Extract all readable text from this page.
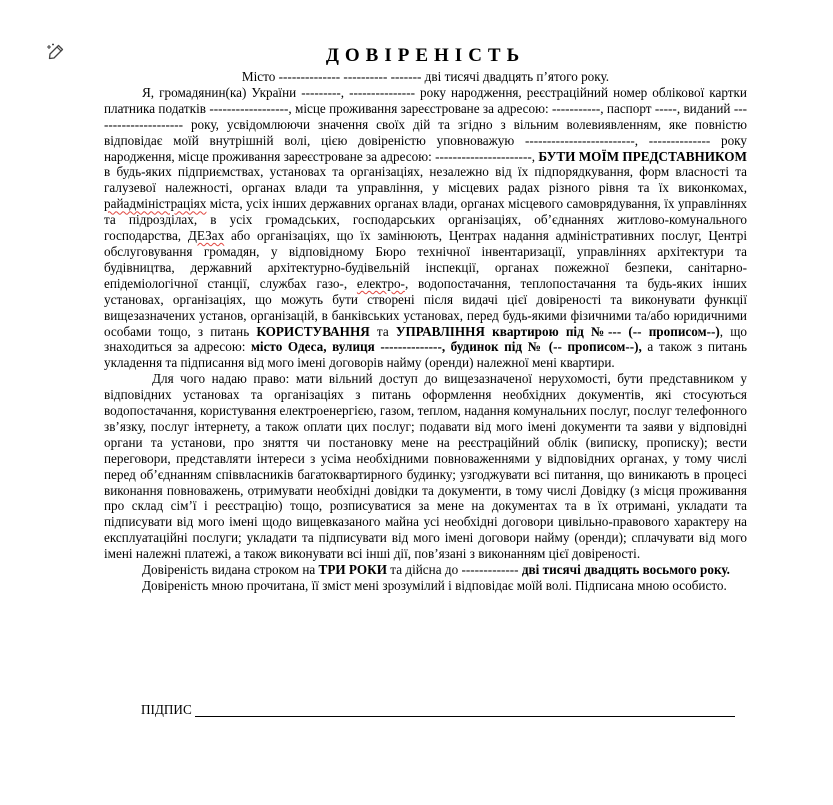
ДОВІРЕНІСТЬ

Місто -------------- ---------- ------- дві тисячі двадцять п’ятого року.

Я, громадянин(ка) України ---------, --------------- року народження, реєстраційний номер облікової картки платника податків ------------------, місце проживання зареєстроване за адресою: -----------, паспорт -----, виданий --------------------- року, усвідомлюючи значення своїх дій та згідно з вільним волевиявленням, яке повністю відповідає моїй внутрішній волі, цією довіреністю уповноважую -------------------------, -------------- року народження, місце проживання зареєстроване за адресою: ----------------------, БУТИ МОЇМ ПРЕДСТАВНИКОМ в будь-яких підприємствах, установах та організаціях, незалежно від їх підпорядкування, форм власності та галузевої належності, органах влади та управління, у місцевих радах різного рівня та їх виконкомах, райадміністраціях міста, усіх інших державних органах влади, органах місцевого самоврядування, їх управліннях та підрозділах, в усіх громадських, господарських організаціях, об’єднаннях житлово-комунального господарства, ДЕЗах або організаціях, що їх замінюють, Центрах надання адміністративних послуг, Центрі обслуговування громадян, у відповідному Бюро технічної інвентаризації, управліннях архітектури та будівництва, державний архітектурно-будівельній інспекції, органах пожежної безпеки, санітарно-епідеміологічної станції, службах газо-, електро-, водопостачання, теплопостачання та будь-яких інших установах, організаціях, що можуть бути створені після видачі цієї довіреності та виконувати функції вищезазначених установ, організацій, в банківських установах, перед будь-якими фізичними та/або юридичними особами тощо, з питань КОРИСТУВАННЯ та УПРАВЛІННЯ квартирою під №--- (-- прописом--), що знаходиться за адресою: місто Одеса, вулиця --------------, будинок під № (-- прописом--), а також з питань укладення та підписання від мого імені договорів найму (оренди) належної мені квартири.

Для чого надаю право: мати вільний доступ до вищезазначеної нерухомості, бути представником у відповідних установах та організаціях з питань оформлення необхідних документів, які стосуються водопостачання, користування електроенергією, газом, теплом, надання комунальних послуг, послуг телефонного зв’язку, послуг інтернету, а також оплати цих послуг; подавати від мого імені документи та заяви у відповідні органи та установи, про зняття чи постановку мене на реєстраційний облік (виписку, прописку); вести переговори, представляти інтереси з усіма необхідними повноваженнями у відповідних органах, у тому числі перед об’єднанням співвласників багатоквартирного будинку; узгоджувати всі питання, що виникають в процесі виконання повноважень, отримувати необхідні довідки та документи, в тому числі Довідку (з місця проживання про склад сім’ї і реєстрацію) тощо, розписуватися за мене на документах та в їх отримані, укладати та підписувати від мого імені щодо вищевказаного майна усі необхідні договори цивільно-правового характеру на експлуатаційні послуги; укладати та підписувати від мого імені договори найму (оренди); сплачувати від мого імені належні платежі, а також виконувати всі інші дії, пов’язані з виконанням цієї довіреності.

Довіреність видана строком на ТРИ РОКИ та дійсна до ------------- дві тисячі двадцять восьмого року.

Довіреність мною прочитана, її зміст мені зрозумілий і відповідає моїй волі. Підписана мною особисто.

ПІДПИС
